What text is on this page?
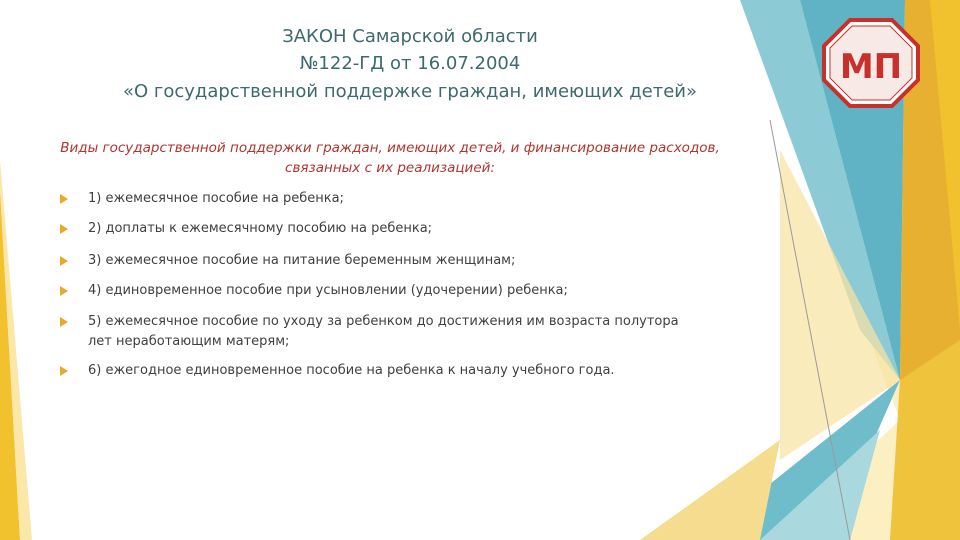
МП
ЗАКОН Самарской области
№122-ГД от 16.07.2004
«О государственной поддержке граждан, имеющих детей»
Виды государственной поддержки граждан, имеющих детей, и финансирование расходов, связанных с их реализацией:
1) ежемесячное пособие на ребенка;
2) доплаты к ежемесячному пособию на ребенка;
3) ежемесячное пособие на питание беременным женщинам;
4) единовременное пособие при усыновлении (удочерении) ребенка;
5) ежемесячное пособие по уходу за ребенком до достижения им возраста полутора лет неработающим матерям;
6) ежегодное единовременное пособие на ребенка к началу учебного года.
